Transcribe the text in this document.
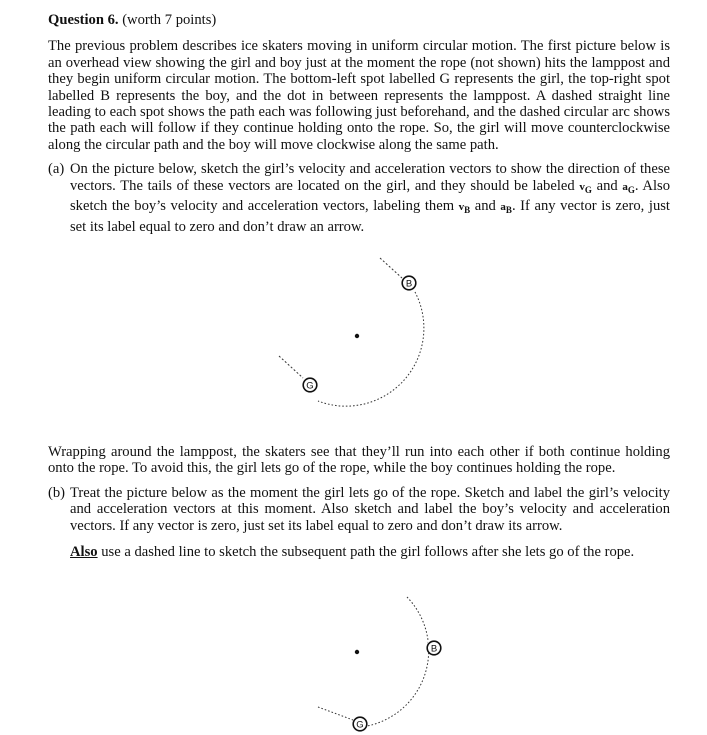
Question 6. (worth 7 points)

The previous problem describes ice skaters moving in uniform circular motion. The first picture below is an overhead view showing the girl and boy just at the moment the rope (not shown) hits the lamppost and they begin uniform circular motion. The bottom-left spot labelled G represents the girl, the top-right spot labelled B represents the boy, and the dot in between represents the lamppost. A dashed straight line leading to each spot shows the path each was following just beforehand, and the dashed circular arc shows the path each will follow if they continue holding onto the rope. So, the girl will move counterclockwise along the circular path and the boy will move clockwise along the same path.

(a) On the picture below, sketch the girl’s velocity and acceleration vectors to show the direction of these vectors. The tails of these vectors are located on the girl, and they should be labeled $v_G$ and $a_G$. Also sketch the boy’s velocity and acceleration vectors, labeling them $v_B$ and $a_B$. If any vector is zero, just set its label equal to zero and don’t draw an arrow.
B
G

Wrapping around the lamppost, the skaters see that they’ll run into each other if both continue holding onto the rope. To avoid this, the girl lets go of the rope, while the boy continues holding the rope.

(b) Treat the picture below as the moment the girl lets go of the rope. Sketch and label the girl’s velocity and acceleration vectors at this moment. Also sketch and label the boy’s velocity and acceleration vectors. If any vector is zero, just set its label equal to zero and don’t draw its arrow.

Also use a dashed line to sketch the subsequent path the girl follows after she lets go of the rope.

B
G
